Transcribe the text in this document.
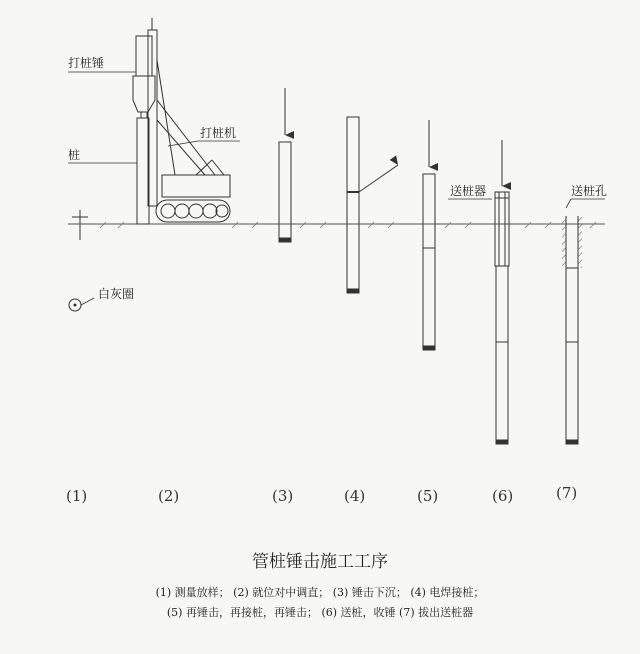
打桩锤
打桩机
桩
白灰圈
送桩器	送桩孔
(1)	(2)	(3)	(4)	(5)	(6)	(7)
管桩锤击施工工序
(1) 测量放样； (2) 就位对中调直； (3) 锤击下沉； (4) 电焊接桩；
(5) 再锤击，再接桩，再锤击； (6) 送桩，收锤 (7) 拔出送桩器
